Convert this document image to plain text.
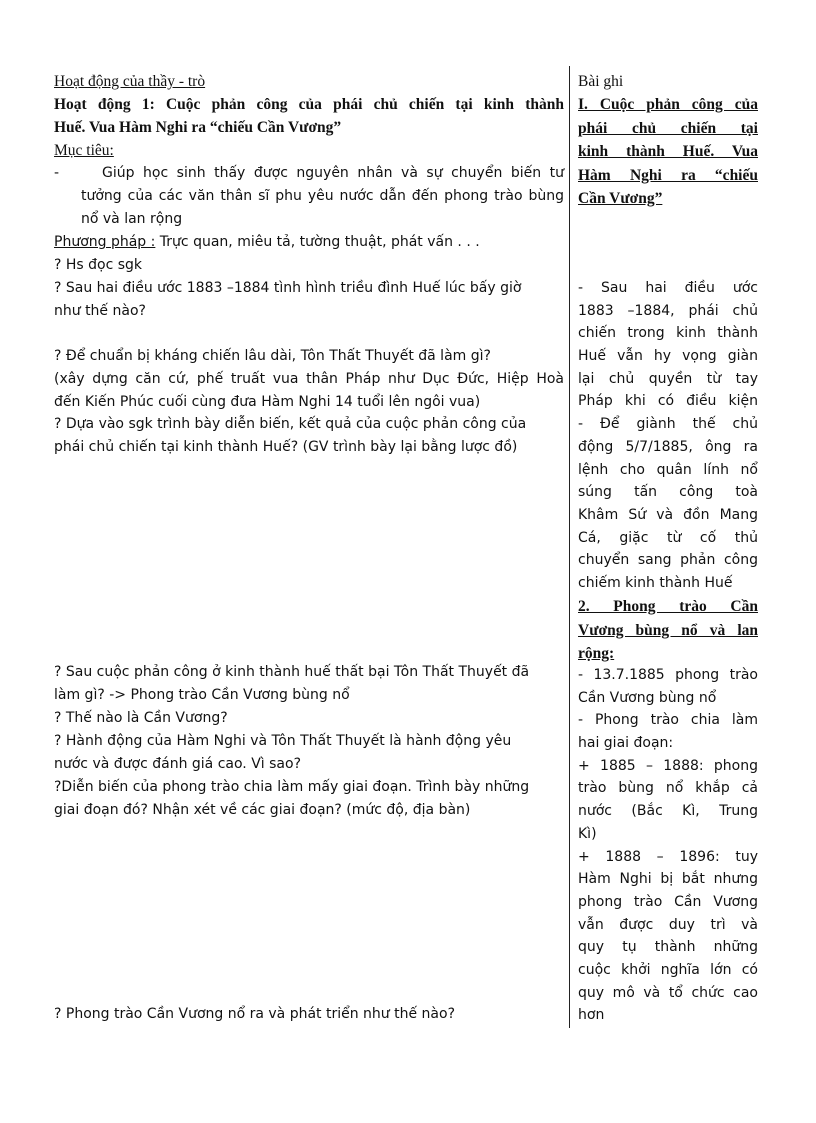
Hoạt động của thầy - trò
Hoạt động 1: Cuộc phản công của phái chủ chiến tại kinh thành
Huế. Vua Hàm Nghi ra “chiếu Cần Vương”
Mục tiêu:
-	Giúp học sinh thấy được nguyên nhân và sự chuyển biến tư
tưởng của các văn thân sĩ phu yêu nước dẫn đến phong trào bùng
nổ và lan rộng
Phương pháp : Trực quan, miêu tả, tường thuật, phát vấn . . .
? Hs đọc sgk
? Sau hai điều ước 1883 –1884 tình hình triều đình Huế lúc bấy giờ
như thế nào?
? Để chuẩn bị kháng chiến lâu dài, Tôn Thất Thuyết đã làm gì?
(xây dựng căn cứ, phế truất vua thân Pháp như Dục Đức, Hiệp Hoà
đến Kiến Phúc cuối cùng đưa Hàm Nghi 14 tuổi lên ngôi vua)
? Dựa vào sgk trình bày diễn biến, kết quả của cuộc phản công của
phái chủ chiến tại kinh thành Huế? (GV trình bày lại bằng lược đồ)
? Sau cuộc phản công ở kinh thành huế thất bại Tôn Thất Thuyết đã
làm gì? -> Phong trào Cần Vương bùng nổ
? Thế nào là Cần Vương?
? Hành động của Hàm Nghi và Tôn Thất Thuyết là hành động yêu
nước và được đánh giá cao. Vì sao?
?Diễn biến của phong trào chia làm mấy giai đoạn. Trình bày những
giai đoạn đó? Nhận xét về các giai đoạn? (mức độ, địa bàn)
? Phong trào Cần Vương nổ ra và phát triển như thế nào?
Bài ghi
I. Cuộc phản công của
phái chủ chiến tại
kinh thành Huế. Vua
Hàm Nghi ra “chiếu
Cần Vương”
- Sau hai điều ước
1883 –1884, phái chủ
chiến trong kinh thành
Huế vẫn hy vọng giàn
lại chủ quyền từ tay
Pháp khi có điều kiện
- Để giành thế chủ
động 5/7/1885, ông ra
lệnh cho quân lính nổ
súng tấn công toà
Khâm Sứ và đồn Mang
Cá, giặc từ cố thủ
chuyển sang phản công
chiếm kinh thành Huế
2. Phong trào Cần
Vương bùng nổ và lan
rộng:
- 13.7.1885 phong trào
Cần Vương bùng nổ
- Phong trào chia làm
hai giai đoạn:
+ 1885 – 1888: phong
trào bùng nổ khắp cả
nước (Bắc Kì, Trung
Kì)
+ 1888 – 1896: tuy
Hàm Nghi bị bắt nhưng
phong trào Cần Vương
vẫn được duy trì và
quy tụ thành những
cuộc khởi nghĩa lớn có
quy mô và tổ chức cao
hơn
